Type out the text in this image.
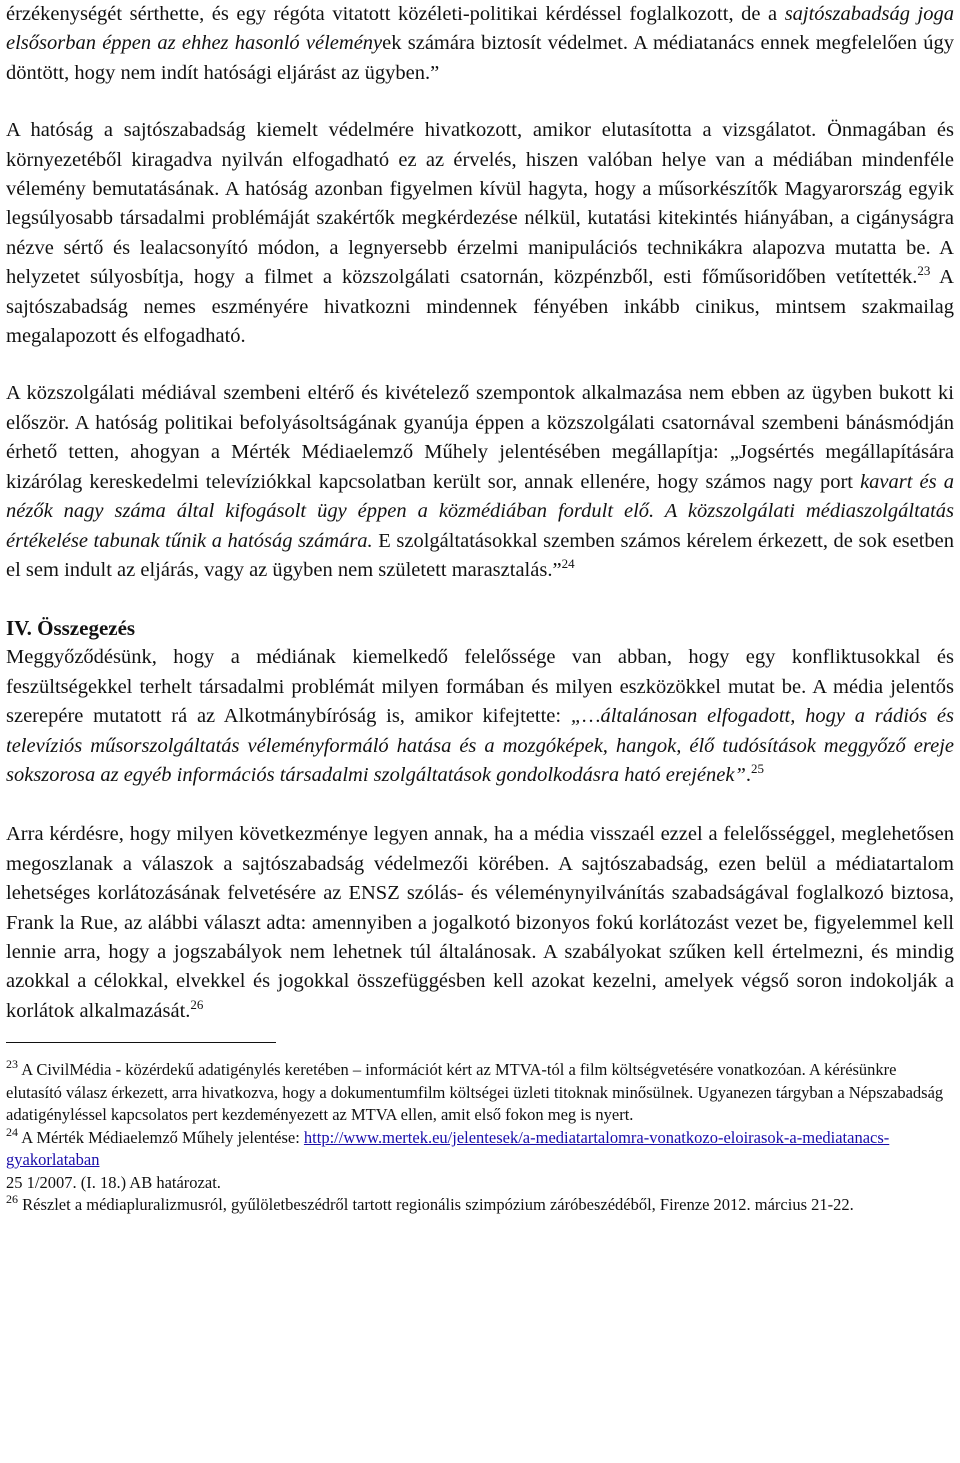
érzékenységét sérthette, és egy régóta vitatott közéleti-politikai kérdéssel foglalkozott, de a sajtószabadság joga elsősorban éppen az ehhez hasonló vélemények számára biztosít védelmet. A médiatanács ennek megfelelően úgy döntött, hogy nem indít hatósági eljárást az ügyben.”

A hatóság a sajtószabadság kiemelt védelmére hivatkozott, amikor elutasította a vizsgálatot. Önmagában és környezetéből kiragadva nyilván elfogadható ez az érvelés, hiszen valóban helye van a médiában mindenféle vélemény bemutatásának. A hatóság azonban figyelmen kívül hagyta, hogy a műsorkészítők Magyarország egyik legsúlyosabb társadalmi problémáját szakértők megkérdezése nélkül, kutatási kitekintés hiányában, a cigányságra nézve sértő és lealacsonyító módon, a legnyersebb érzelmi manipulációs technikákra alapozva mutatta be. A helyzetet súlyosbítja, hogy a filmet a közszolgálati csatornán, közpénzből, esti főműsoridőben vetítették.$^{23}$ A sajtószabadság nemes eszményére hivatkozni mindennek fényében inkább cinikus, mintsem szakmailag megalapozott és elfogadható.

A közszolgálati médiával szembeni eltérő és kivételező szempontok alkalmazása nem ebben az ügyben bukott ki először. A hatóság politikai befolyásoltságának gyanúja éppen a közszolgálati csatornával szembeni bánásmódján érhető tetten, ahogyan a Mérték Médiaelemző Műhely jelentésében megállapítja: „Jogsértés megállapítására kizárólag kereskedelmi televíziókkal kapcsolatban került sor, annak ellenére, hogy számos nagy port kavart és a nézők nagy száma által kifogásolt ügy éppen a közmédiában fordult elő. A közszolgálati médiaszolgáltatás értékelése tabunak tűnik a hatóság számára. E szolgáltatásokkal szemben számos kérelem érkezett, de sok esetben el sem indult az eljárás, vagy az ügyben nem született marasztalás.”$^{24}$

IV. Összegezés

Meggyőződésünk, hogy a médiának kiemelkedő felelőssége van abban, hogy egy konfliktusokkal és feszültségekkel terhelt társadalmi problémát milyen formában és milyen eszközökkel mutat be. A média jelentős szerepére mutatott rá az Alkotmánybíróság is, amikor kifejtette: „…általánosan elfogadott, hogy a rádiós és televíziós műsorszolgáltatás véleményformáló hatása és a mozgóképek, hangok, élő tudósítások meggyőző ereje sokszorosa az egyéb információs társadalmi szolgáltatások gondolkodásra ható erejének”.$^{25}$

Arra kérdésre, hogy milyen következménye legyen annak, ha a média visszaél ezzel a felelősséggel, meglehetősen megoszlanak a válaszok a sajtószabadság védelmezői körében. A sajtószabadság, ezen belül a médiatartalom lehetséges korlátozásának felvetésére az ENSZ szólás- és véleménynyilvánítás szabadságával foglalkozó biztosa, Frank la Rue, az alábbi választ adta: amennyiben a jogalkotó bizonyos fokú korlátozást vezet be, figyelemmel kell lennie arra, hogy a jogszabályok nem lehetnek túl általánosak. A szabályokat szűken kell értelmezni, és mindig azokkal a célokkal, elvekkel és jogokkal összefüggésben kell azokat kezelni, amelyek végső soron indokolják a korlátok alkalmazását.$^{26}$

$^{23}$ A CivilMédia - közérdekű adatigénylés keretében – információt kért az MTVA-tól a film költségvetésére vonatkozóan. A kérésünkre elutasító válasz érkezett, arra hivatkozva, hogy a dokumentumfilm költségei üzleti titoknak minősülnek. Ugyanezen tárgyban a Népszabadság adatigényléssel kapcsolatos pert kezdeményezett az MTVA ellen, amit első fokon meg is nyert.

$^{24}$ A Mérték Médiaelemző Műhely jelentése: http://www.mertek.eu/jelentesek/a-mediatartalomra-vonatkozo-eloirasok-a-mediatanacs-gyakorlataban

25 1/2007. (I. 18.) AB határozat.

$^{26}$ Részlet a médiapluralizmusról, gyűlöletbeszédről tartott regionális szimpózium záróbeszédéből, Firenze 2012. március 21-22.
